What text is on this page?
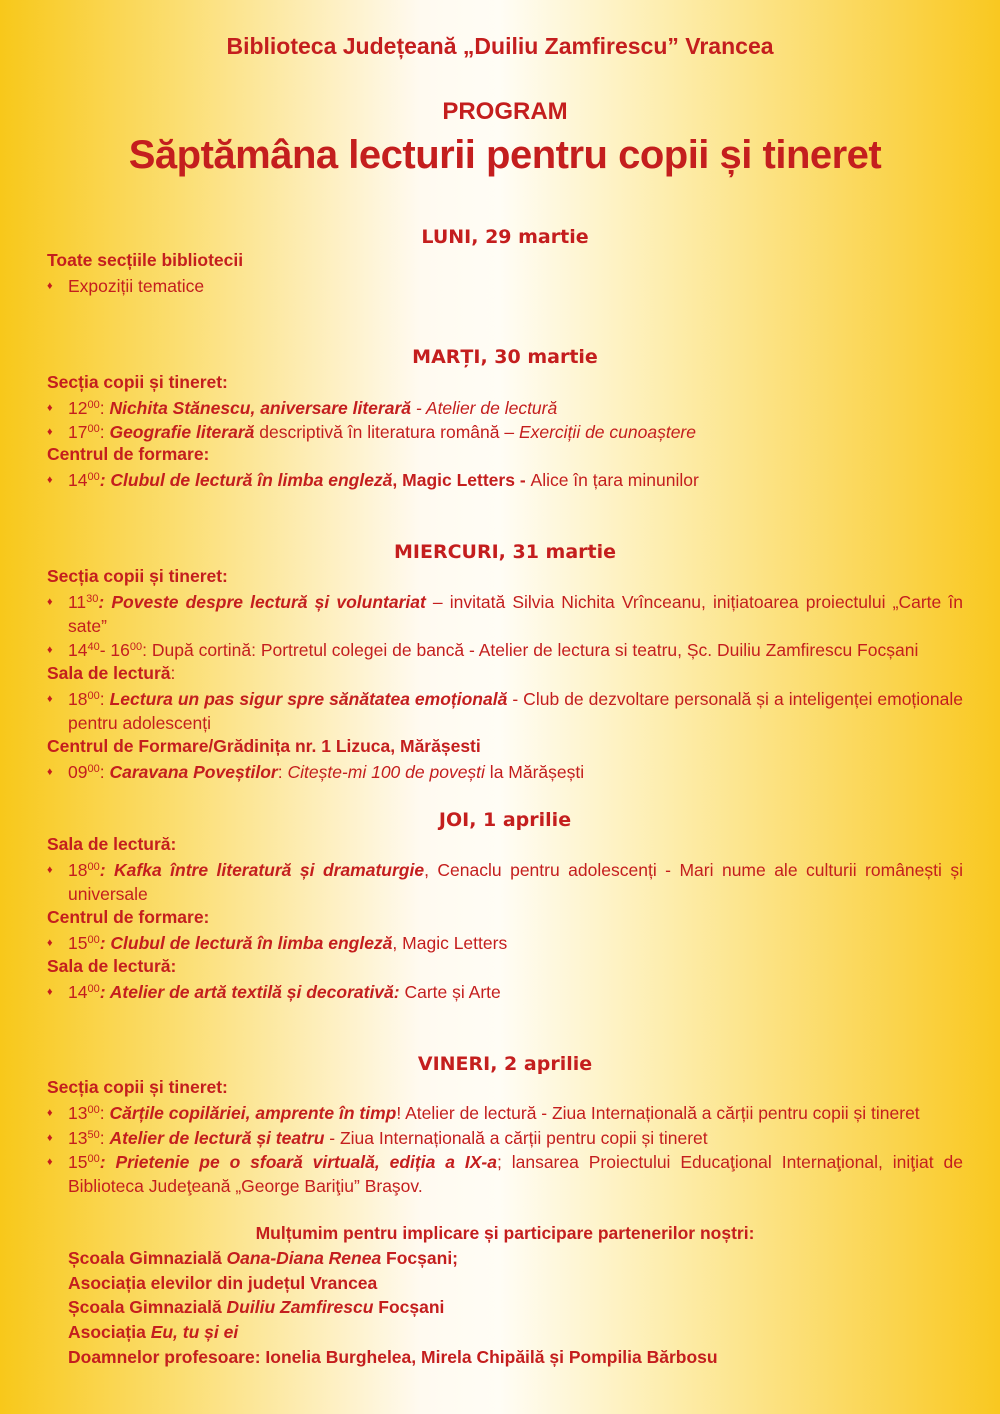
Biblioteca Județeană „Duiliu Zamfirescu” Vrancea
PROGRAM
Săptămâna lecturii pentru copii și tineret
LUNI, 29 martie
Toate secțiile bibliotecii
♦ Expoziții tematice
MARȚI, 30 martie
Secția copii și tineret:
♦ $12^{00}$: Nichita Stănescu, aniversare literară - Atelier de lectură
♦ $17^{00}$: Geografie literară descriptivă în literatura română – Exerciții de cunoaștere
Centrul de formare:
♦ $14^{00}$: Clubul de lectură în limba engleză, Magic Letters - Alice în țara minunilor
MIERCURI, 31 martie
Secția copii și tineret:
♦ $11^{30}$: Poveste despre lectură și voluntariat – invitată Silvia Nichita Vrînceanu, inițiatoarea proiectului „Carte în sate”
♦ $14^{40}-$ $16^{00}$: După cortină: Portretul colegei de bancă - Atelier de lectura si teatru, Șc. Duiliu Zamfirescu Focșani
Sala de lectură:
♦ $18^{00}$: Lectura un pas sigur spre sănătatea emoțională - Club de dezvoltare personală și a inteligenței emoționale pentru adolescenți
Centrul de Formare/Grădinița nr. 1 Lizuca, Mărășesti
♦ $09^{00}$: Caravana Poveștilor: Citește-mi 100 de povești la Mărășești
JOI, 1 aprilie
Sala de lectură:
♦ $18^{00}$: Kafka între literatură și dramaturgie, Cenaclu pentru adolescenți - Mari nume ale culturii românești și universale
Centrul de formare:
♦ $15^{00}$: Clubul de lectură în limba engleză, Magic Letters
Sala de lectură:
♦ $14^{00}$: Atelier de artă textilă și decorativă: Carte și Arte
VINERI, 2 aprilie
Secția copii și tineret:
♦ $13^{00}$: Cărțile copilăriei, amprente în timp! Atelier de lectură - Ziua Internațională a cărții pentru copii și tineret
♦ $13^{50}$: Atelier de lectură și teatru - Ziua Internațională a cărții pentru copii și tineret
♦ $15^{00}$: Prietenie pe o sfoară virtuală, ediția a IX-a; lansarea Proiectului Educaţional Internaţional, iniţiat de Biblioteca Judeţeană „George Bariţiu” Braşov.
Mulțumim pentru implicare și participare partenerilor noștri:
Școala Gimnazială Oana-Diana Renea Focșani;
Asociația elevilor din județul Vrancea
Școala Gimnazială Duiliu Zamfirescu Focșani
Asociația Eu, tu și ei
Doamnelor profesoare: Ionelia Burghelea, Mirela Chipăilă și Pompilia Bărbosu
